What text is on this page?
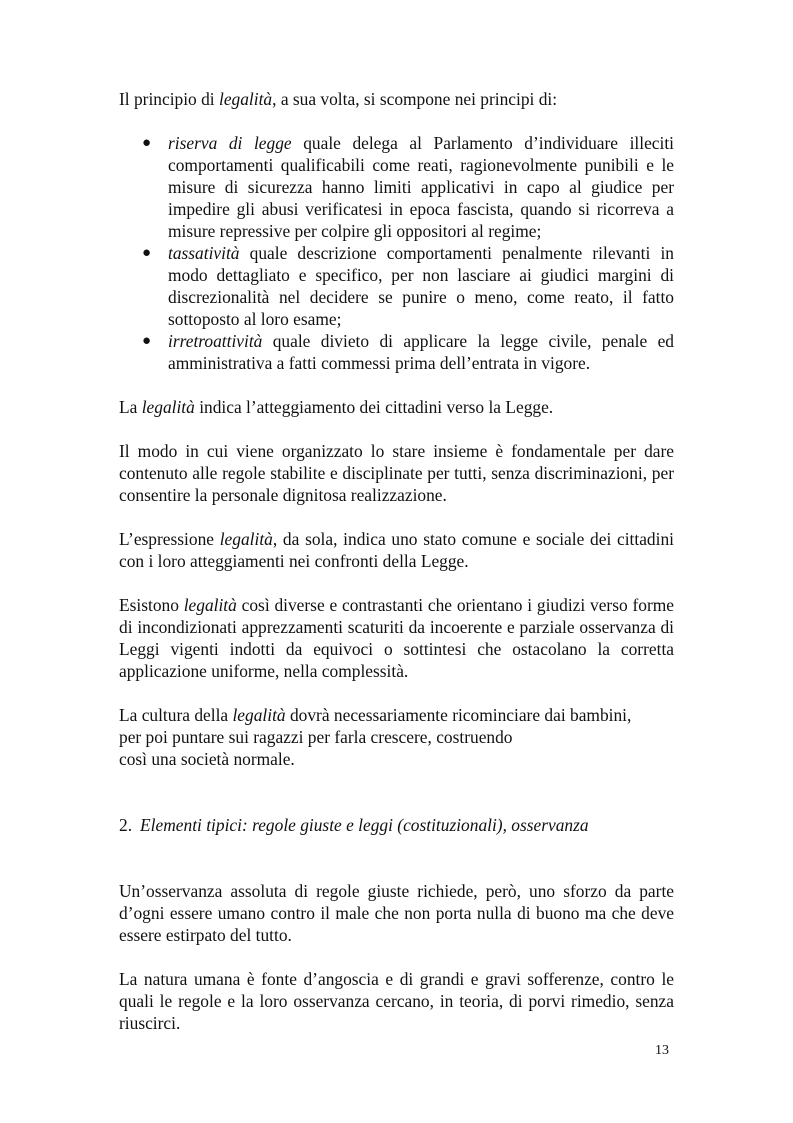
Il principio di legalità, a sua volta, si scompone nei principi di:

● riserva di legge quale delega al Parlamento d’individuare illeciti comportamenti qualificabili come reati, ragionevolmente punibili e le misure di sicurezza hanno limiti applicativi in capo al giudice per impedire gli abusi verificatesi in epoca fascista, quando si ricorreva a misure repressive per colpire gli oppositori al regime;
● tassatività quale descrizione comportamenti penalmente rilevanti in modo dettagliato e specifico, per non lasciare ai giudici margini di discrezionalità nel decidere se punire o meno, come reato, il fatto sottoposto al loro esame;
● irretroattività quale divieto di applicare la legge civile, penale ed amministrativa a fatti commessi prima dell’entrata in vigore.

La legalità indica l’atteggiamento dei cittadini verso la Legge.

Il modo in cui viene organizzato lo stare insieme è fondamentale per dare contenuto alle regole stabilite e disciplinate per tutti, senza discriminazioni, per consentire la personale dignitosa realizzazione.

L’espressione legalità, da sola, indica uno stato comune e sociale dei cittadini con i loro atteggiamenti nei confronti della Legge.

Esistono legalità così diverse e contrastanti che orientano i giudizi verso forme di incondizionati apprezzamenti scaturiti da incoerente e parziale osservanza di Leggi vigenti indotti da equivoci o sottintesi che ostacolano la corretta applicazione uniforme, nella complessità.

La cultura della legalità dovrà necessariamente ricominciare dai bambini,
per poi puntare sui ragazzi per farla crescere, costruendo
così una società normale.

2. Elementi tipici: regole giuste e leggi (costituzionali), osservanza

Un’osservanza assoluta di regole giuste richiede, però, uno sforzo da parte d’ogni essere umano contro il male che non porta nulla di buono ma che deve essere estirpato del tutto.

La natura umana è fonte d’angoscia e di grandi e gravi sofferenze, contro le quali le regole e la loro osservanza cercano, in teoria, di porvi rimedio, senza riuscirci.

13
